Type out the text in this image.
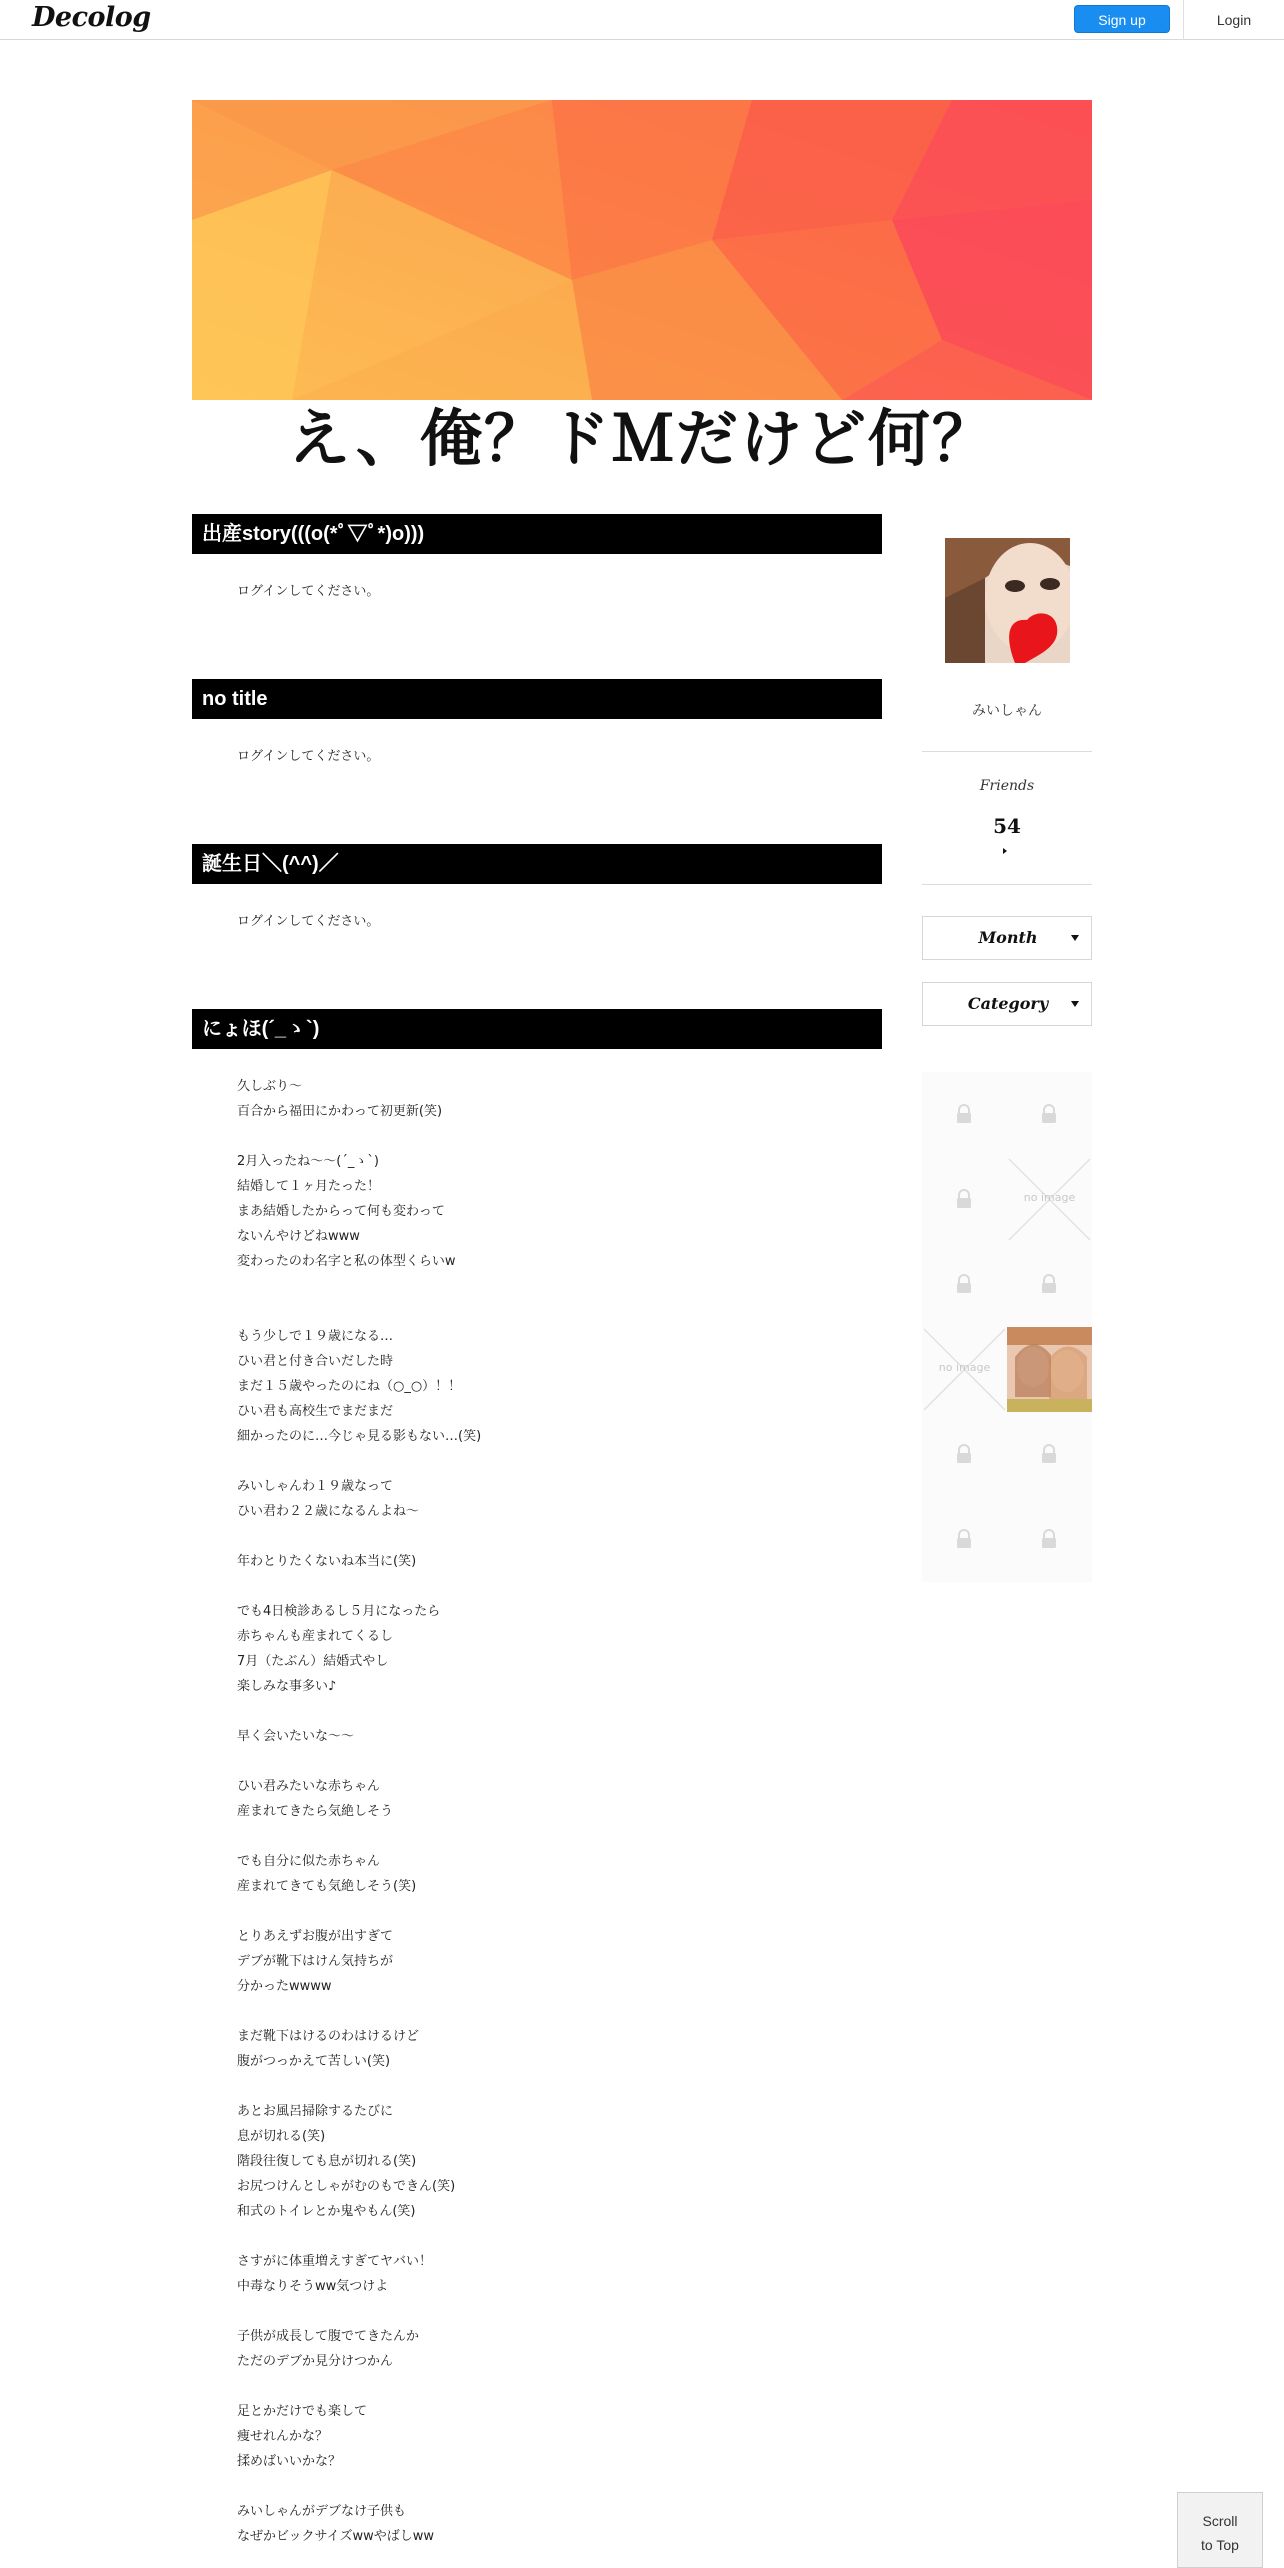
Decolog	Sign up	Login
え、俺？ドＭだけど何？
出産story(((o(*ﾟ▽ﾟ*)o)))

ログインしてください。

no title

ログインしてください。

誕生日＼(^^)／

ログインしてください。

にょほ(´_ゝ`)

久しぶり〜

百合から福田にかわって初更新(笑)

2月入ったね〜〜(´_ゝ`)

結婚して１ヶ月たった！

まあ結婚したからって何も変わって

ないんやけどねwww

変わったのわ名字と私の体型くらいw

もう少しで１９歳になる…

ひい君と付き合いだした時

まだ１５歳やったのにね（○_○）！！

ひい君も高校生でまだまだ

細かったのに…今じゃ見る影もない…(笑)

みいしゃんわ１９歳なって

ひい君わ２２歳になるんよね〜

年わとりたくないね本当に(笑)

でも4日検診あるし５月になったら

赤ちゃんも産まれてくるし

7月（たぶん）結婚式やし

楽しみな事多い♪

早く会いたいな〜〜

ひい君みたいな赤ちゃん

産まれてきたら気絶しそう

でも自分に似た赤ちゃん

産まれてきても気絶しそう(笑)

とりあえずお腹が出すぎて

デブが靴下はけん気持ちが

分かったwwww

まだ靴下はけるのわはけるけど

腹がつっかえて苦しい(笑)

あとお風呂掃除するたびに

息が切れる(笑)

階段往復しても息が切れる(笑)

お尻つけんとしゃがむのもできん(笑)

和式のトイレとか鬼やもん(笑)

さすがに体重増えすぎてヤバい！

中毒なりそうww気つけよ

子供が成長して腹でてきたんか

ただのデブか見分けつかん

足とかだけでも楽して

痩せれんかな？

揉めばいいかな？

みいしゃんがデブなけ子供も

なぜかビックサイズwwやばしww

みいしゃん
Friends
54
Month
Category
no image
no image
Scroll
to Top
